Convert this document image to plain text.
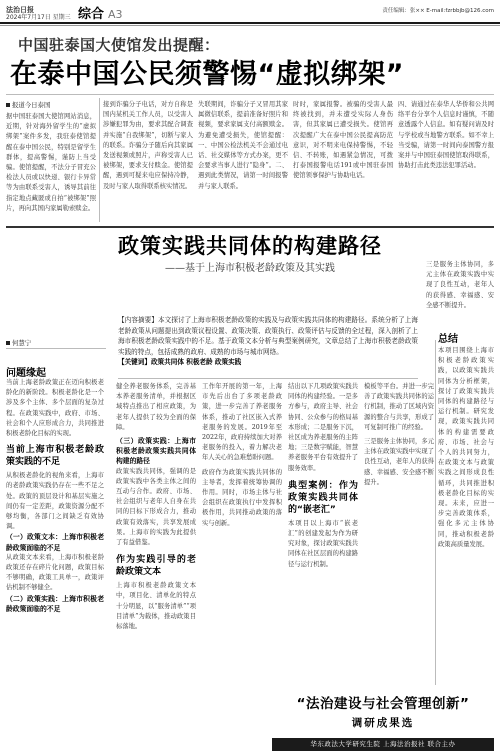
法治日报
2024年7月17日 星期三 综合 A3	责任编辑：张×× E-mail:fzrbbjb@126.com
中国驻泰国大使馆发出提醒：
在泰中国公民须警惕“虚拟绑架”
报道今日泰国
据中国驻泰国大使馆网站消息，近期，针对海外留学生的“虚拟绑架”案件多发，我驻泰使馆提醒在泰中国公民，特别是留学生群体，提高警惕，谨防上当受骗。使馆提醒，不法分子冒充公检法人员或以快递、银行卡异常等为由联系受害人，诱导其前往指定地点藏匿或自拍“被绑架”照片，再向其国内家属勒索赎金。
接到诈骗分子电话，对方自称是国内某机关工作人员，以受害人涉嫌犯罪为由，要求其配合调查并实施“自我绑架”，切断与家人的联系。诈骗分子随后向其家属发送视频或照片，声称受害人已被绑架，要求支付赎金。使馆提醒，遇到可疑来电应保持冷静，及时与家人取得联系核实情况。
失联期间，诈骗分子又冒用其家属微信联系，提前准备好照片和视频，要求家属支付高额赎金。为避免遭受损失，使馆提醒：一、中国公检法机关不会通过电话、社交媒体等方式办案，更不会要求当事人进行“隐身”。二、遇到此类情况，请第一时间报警并与家人联系。
时时，家属报警。被骗的受害人最终被找到，并未遭受实际人身伤害，但其家属已遭受损失。使馆再次提醒广大在泰中国公民提高防范意识，对不明来电保持警惕，不轻信、不转账，如遇紧急情况，可拨打泰国报警电话191或中国驻泰国使馆领事保护与协助电话。
四、请通过在泰华人华侨和公共网络平台分享个人信息时谨慎，不随意透露个人信息。如有疑问请及时与学校或当地警方联系。如不幸上当受骗，请第一时间向泰国警方报案并与中国驻泰国使馆取得联系，协助打击此类违法犯罪活动。
政策实践共同体的构建路径
——基于上海市积极老龄政策及其实践
何慧宁
【内容摘要】本文探讨了上海市积极老龄政策的实践及与政策实践共同体的构建路径。系统分析了上海老龄政策从问题提出到政策议程设置、政策决策、政策执行、政策评估与反馈的全过程，深入剖析了上海市积极老龄政策实践中的不足。基于政策文本分析与典型案例研究，文章总结了上海市积极老龄政策实践的特点，包括成熟的政府、成熟的市场与城市网络。
【关键词】政策共同体 积极老龄 政策实践
问题缘起
当前上海老龄政策正在迈向积极老龄化的新阶段。积极老龄化是一个涉及多个主体、多个层面的复杂过程。在政策实践中，政府、市场、社会和个人应形成合力，共同推进积极老龄化目标的实现。
当前上海市积极老龄政策实践的不足
从积极老龄化的视角来看，上海市的老龄政策实践仍存在一些不足之处。政策的顶层设计和基层实施之间仍有一定差距，政策资源分配不够均衡，各部门之间缺乏有效协调。
（一）政策文本：上海市积极老龄政策面临的不足
从政策文本来看，上海市积极老龄政策还存在碎片化问题，政策目标不够明确，政策工具单一，政策评估机制不够健全。
（二）政策实践：上海市积极老龄政策面临的不足
健全养老服务体系，完善基本养老服务清单，并根据区域特点推出了相应政策，为老年人提供了较为全面的保障。
（三）政策实践：上海市积极老龄政策实践共同体构建的路径
政策实践共同体，强调的是政策实践中各类主体之间的互动与合作。政府、市场、社会组织与老年人自身在共同的目标下形成合力，推动政策有效落实，共享发展成果。上海市的实践为此提供了有益借鉴。
作为实践引导的老龄政策文本
上海市积极老龄政策文本中，项目化、清单化的特点十分明显，以“服务清单”“项目清单”为载体，推动政策目标落地。
工作年开展的第一年，上海市先后出台了多项老龄政策，进一步完善了养老服务体系，推动了社区嵌入式养老服务的发展。2019年至2022年，政府持续加大对养老服务的投入，着力解决老年人关心的急难愁盼问题。
政府作为政策实践共同体的主导者，发挥着统筹协调的作用。同时，市场主体与社会组织在政策执行中发挥积极作用，共同推动政策的落实与创新。
结出以下几项政策实践共同体的构建经验。一是多方参与，政府主导、社会协同、公众参与的格局基本形成；二是服务下沉，社区成为养老服务的主阵地；三是数字赋能，智慧养老服务平台有效提升了服务效率。
典型案例：作为政策实践共同体的“嵌老汇”
本项目以上海市“嵌老汇”的创建发起为作为研究对象，探讨政策实践共同体在社区层面的构建路径与运行机制。
模板等平台。并进一步完善了政策实践共同体的运行机制，推动了区域内资源的整合与共享，形成了可复制可推广的经验。
三是服务主体协同，多元主体在政策实践中实现了良性互动，老年人的获得感、幸福感、安全感不断提升。
三是服务主体协同，多元主体在政策实践中实现了良性互动，老年人的获得感、幸福感、安全感不断提升。
总结
本项目围绕上海市积极老龄政策实践，以政策实践共同体为分析框架，探讨了政策实践共同体的构建路径与运行机制。研究发现，政策实践共同体的构建需要政府、市场、社会与个人的共同努力，在政策文本与政策实践之间形成良性循环，共同推进积极老龄化目标的实现。未来，应进一步完善政策体系，强化多元主体协同，推动积极老龄政策高质量发展。
“法治建设与社会管理创新”
调研成果选
华东政法大学研究生院 上海法治报社 联合主办
